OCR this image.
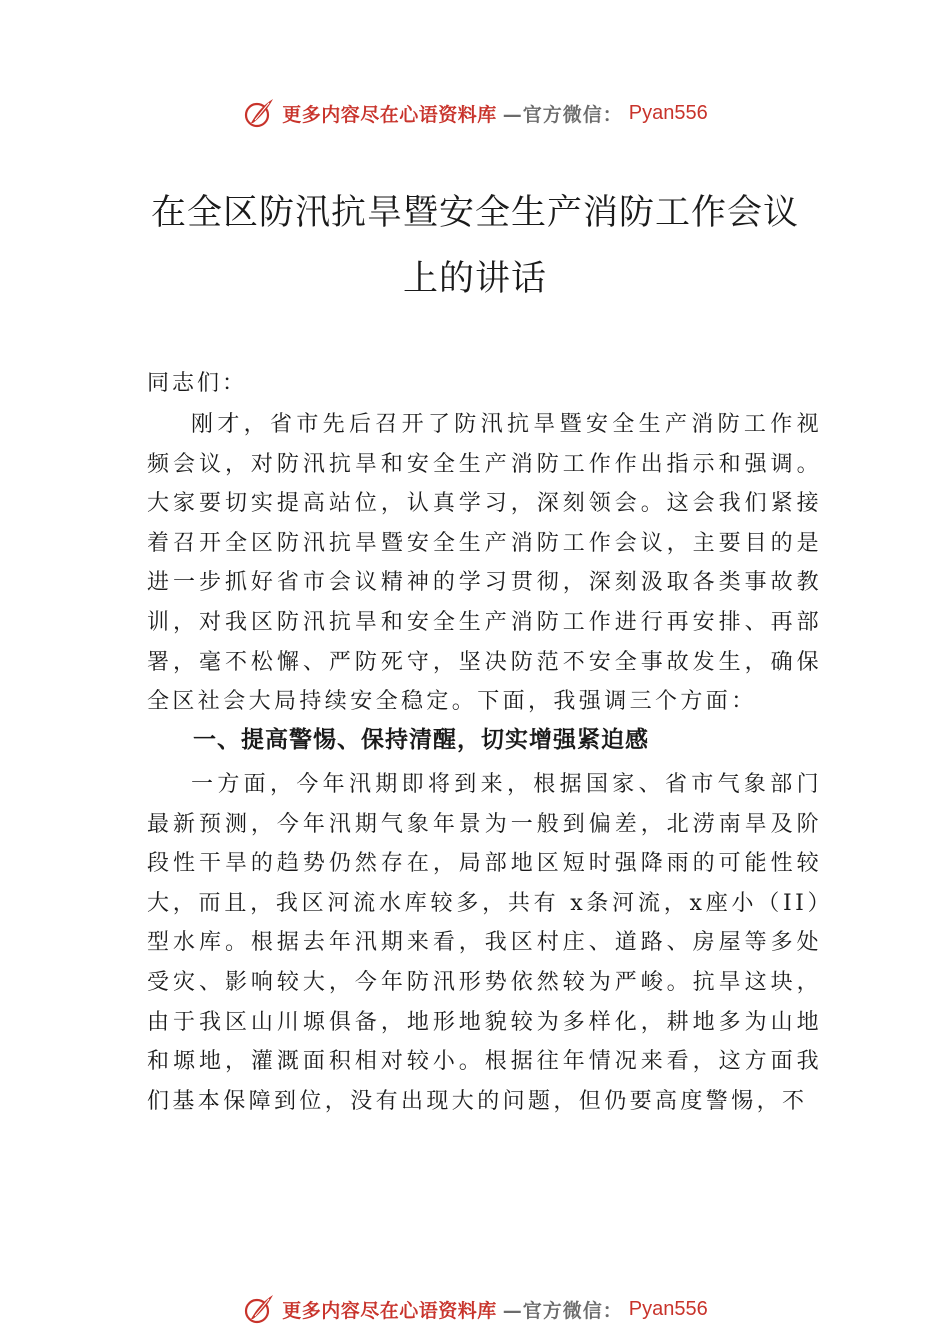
更多内容尽在心语资料库 —官方微信： Pyan556
在全区防汛抗旱暨安全生产消防工作会议
上的讲话
同志们：

刚才，省市先后召开了防汛抗旱暨安全生产消防工作视频会议，对防汛抗旱和安全生产消防工作作出指示和强调。 大家要切实提高站位，认真学习，深刻领会。这会我们紧接着召开全区防汛抗旱暨安全生产消防工作会议，主要目的是进一步抓好省市会议精神的学习贯彻，深刻汲取各类事故教训，对我区防汛抗旱和安全生产消防工作进行再安排、再部署，毫不松懈、严防死守，坚决防范不安全事故发生，确保全区社会大局持续安全稳定。下面，我强调三个方面：

一、提高警惕、保持清醒，切实增强紧迫感

一方面，今年汛期即将到来，根据国家、省市气象部门最新预测，今年汛期气象年景为一般到偏差，北涝南旱及阶段性干旱的趋势仍然存在，局部地区短时强降雨的可能性较大，而且，我区河流水库较多，共有 x条河流，x座小（II）型水库。根据去年汛期来看，我区村庄、道路、房屋等多处受灾、影响较大，今年防汛形势依然较为严峻。抗旱这块， 由于我区山川塬俱备，地形地貌较为多样化，耕地多为山地和塬地，灌溉面积相对较小。根据往年情况来看，这方面我们基本保障到位，没有出现大的问题，但仍要高度警惕，不

更多内容尽在心语资料库 —官方微信： Pyan556
